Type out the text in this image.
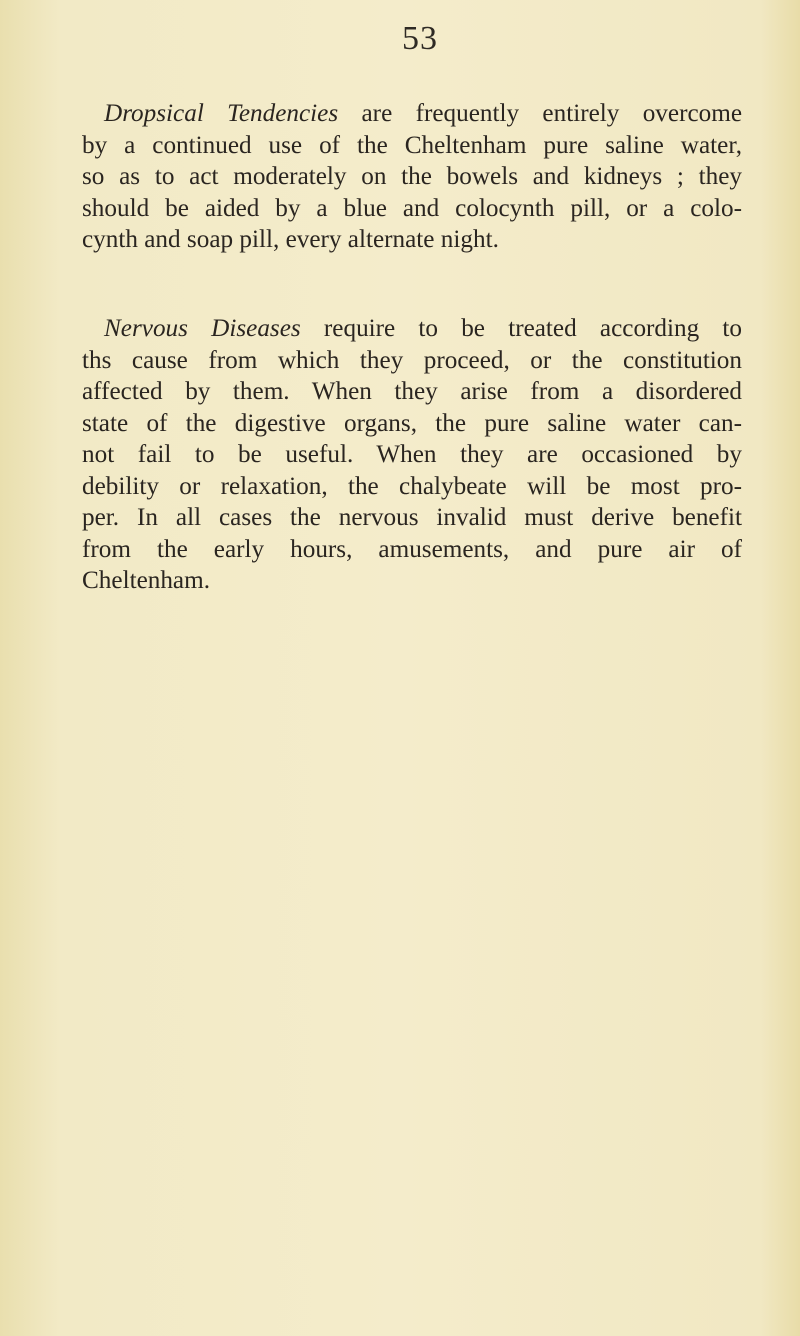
53
Dropsical Tendencies are frequently entirely overcome
by a continued use of the Cheltenham pure saline water,
so as to act moderately on the bowels and kidneys ; they
should be aided by a blue and colocynth pill, or a colo-
cynth and soap pill, every alternate night.
Nervous Diseases require to be treated according to
ths cause from which they proceed, or the constitution
affected by them. When they arise from a disordered
state of the digestive organs, the pure saline water can-
not fail to be useful. When they are occasioned by
debility or relaxation, the chalybeate will be most pro-
per. In all cases the nervous invalid must derive benefit
from the early hours, amusements, and pure air of
Cheltenham.
